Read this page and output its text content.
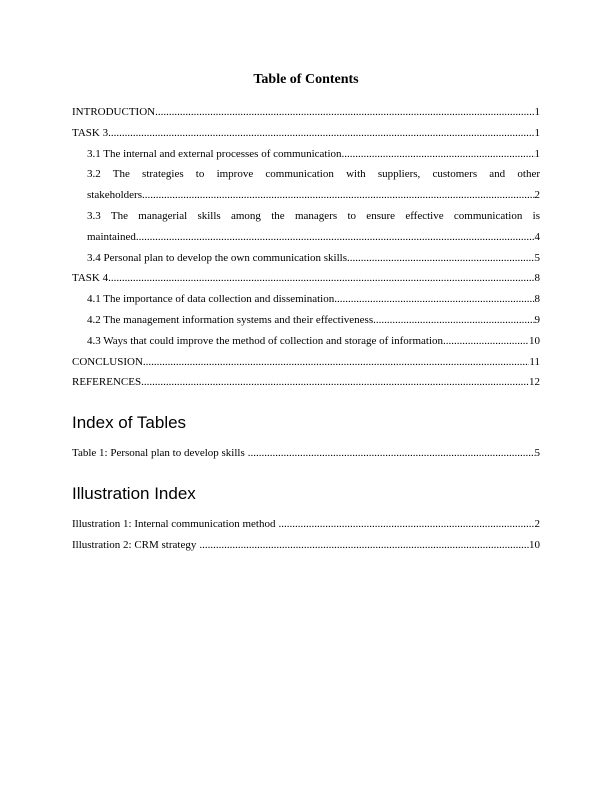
Table of Contents
INTRODUCTION .....	1
TASK 3 .....	1
3.1 The internal and external processes of communication .....	1
3.2 The strategies to improve communication with suppliers, customers and other
stakeholders .....	2
3.3 The managerial skills among the managers to ensure effective communication is
maintained .....	4
3.4 Personal plan to develop the own communication skills .....	5
TASK 4 .....	8
4.1 The importance of data collection and dissemination .....	8
4.2 The management information systems and their effectiveness .....	9
4.3 Ways that could improve the method of collection and storage of information .....	10
CONCLUSION .....	11
REFERENCES .....	12
Index of Tables
Table 1: Personal plan to develop skills .....	5
Illustration Index
Illustration 1: Internal communication method .....	2
Illustration 2: CRM strategy .....	10
